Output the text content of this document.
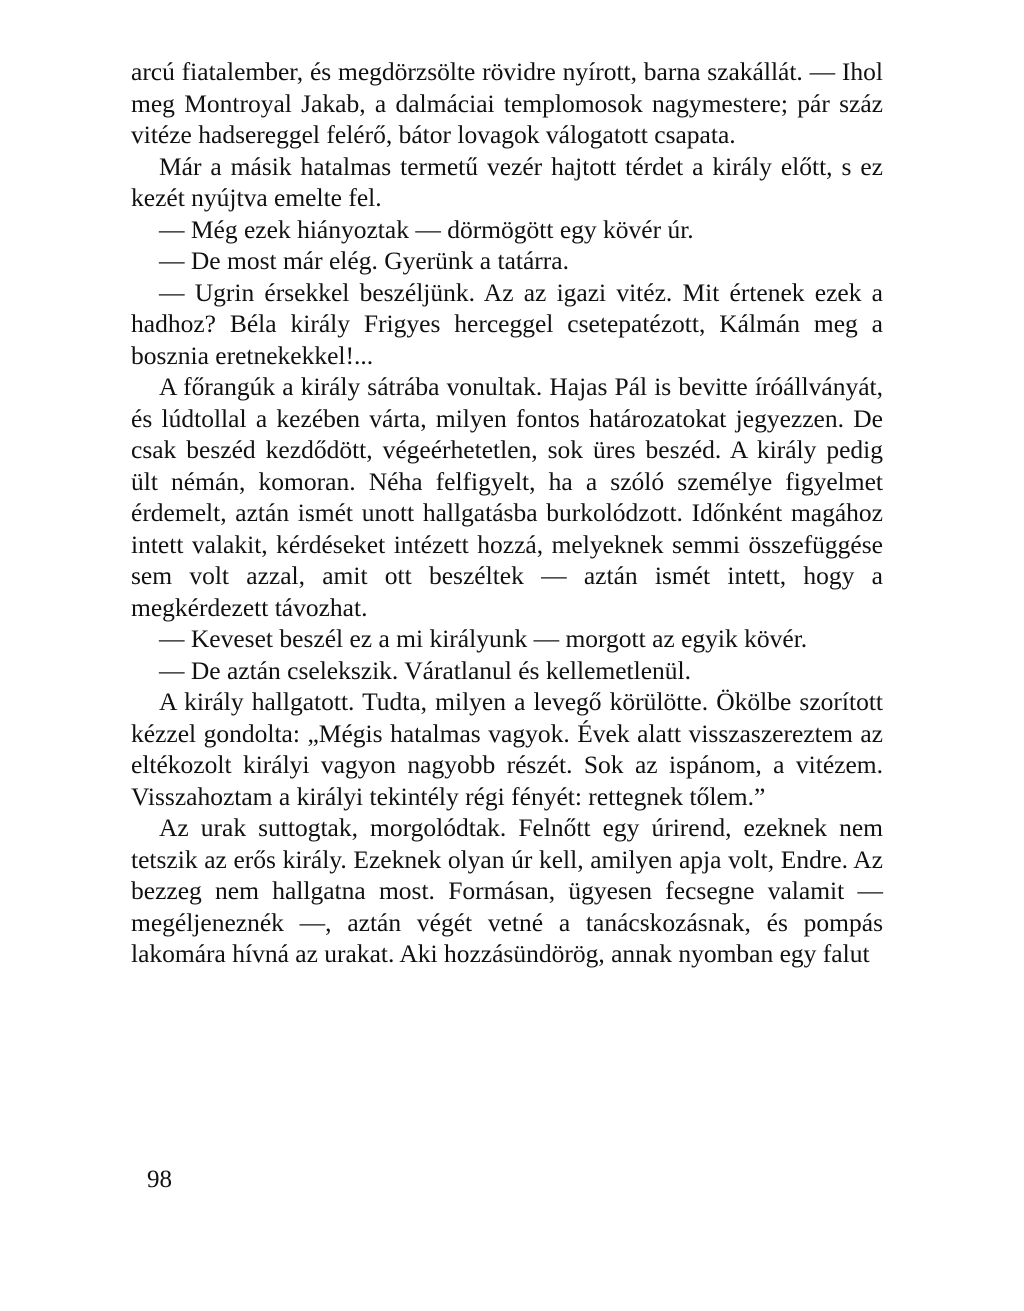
arcú fiatalember, és megdörzsölte rövidre nyírott, barna szakállát. — Ihol meg Montroyal Jakab, a dalmáciai templomosok nagymestere; pár száz vitéze hadsereggel felérő, bátor lovagok válogatott csapata.

Már a másik hatalmas termetű vezér hajtott térdet a király előtt, s ez kezét nyújtva emelte fel.

— Még ezek hiányoztak — dörmögött egy kövér úr.

— De most már elég. Gyerünk a tatárra.

— Ugrin érsekkel beszéljünk. Az az igazi vitéz. Mit értenek ezek a hadhoz? Béla király Frigyes herceggel csetepatézott, Kálmán meg a bosznia eretnekekkel!...

A főrangúk a király sátrába vonultak. Hajas Pál is bevitte íróállványát, és lúdtollal a kezében várta, milyen fontos határozatokat jegyezzen. De csak beszéd kezdődött, végeérhetetlen, sok üres beszéd. A király pedig ült némán, komoran. Néha felfigyelt, ha a szóló személye figyelmet érdemelt, aztán ismét unott hallgatásba burkolódzott. Időnként magához intett valakit, kérdéseket intézett hozzá, melyeknek semmi összefüggése sem volt azzal, amit ott beszéltek — aztán ismét intett, hogy a megkérdezett távozhat.

— Keveset beszél ez a mi királyunk — morgott az egyik kövér.

— De aztán cselekszik. Váratlanul és kellemetlenül.

A király hallgatott. Tudta, milyen a levegő körülötte. Ökölbe szorított kézzel gondolta: „Mégis hatalmas vagyok. Évek alatt visszaszereztem az eltékozolt királyi vagyon nagyobb részét. Sok az ispánom, a vitézem. Visszahoztam a királyi tekintély régi fényét: rettegnek tőlem.”

Az urak suttogtak, morgolódtak. Felnőtt egy úrirend, ezeknek nem tetszik az erős király. Ezeknek olyan úr kell, amilyen apja volt, Endre. Az bezzeg nem hallgatna most. Formásan, ügyesen fecsegne valamit — megéljeneznék —, aztán végét vetné a tanácskozásnak, és pompás lakomára hívná az urakat. Aki hozzásündörög, annak nyomban egy falut

98
